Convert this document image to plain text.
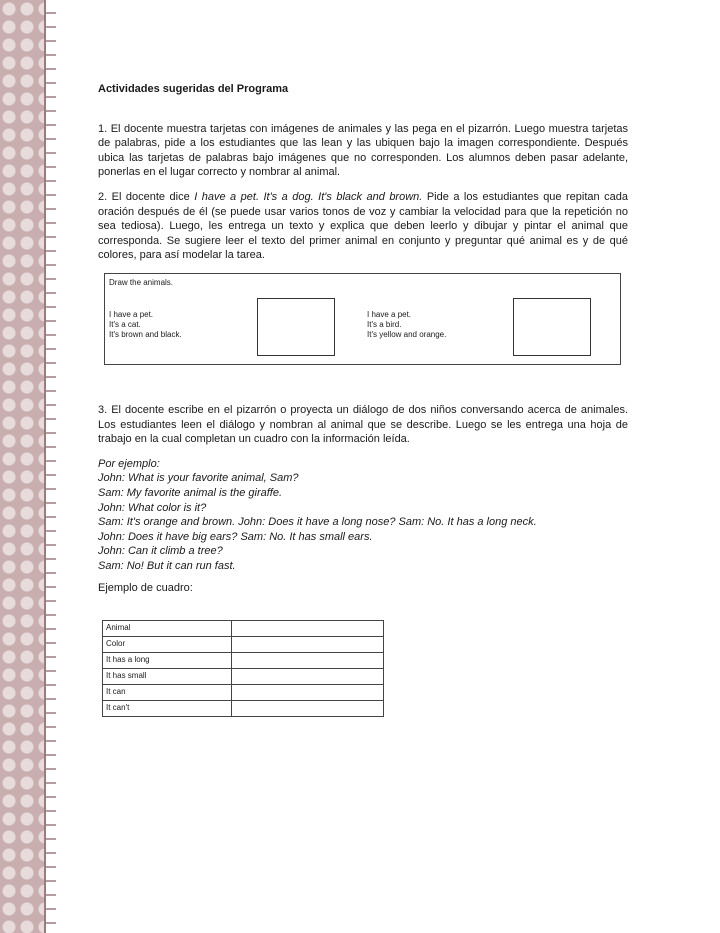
Actividades sugeridas del Programa

1. El docente muestra tarjetas con imágenes de animales y las pega en el pizarrón. Luego muestra tarjetas de palabras, pide a los estudiantes que las lean y las ubiquen bajo la imagen correspondiente. Después ubica las tarjetas de palabras bajo imágenes que no corresponden. Los alumnos deben pasar adelante, ponerlas en el lugar correcto y nombrar al animal.

2. El docente dice I have a pet. It's a dog. It's black and brown. Pide a los estudiantes que repitan cada oración después de él (se puede usar varios tonos de voz y cambiar la velocidad para que la repetición no sea tediosa). Luego, les entrega un texto y explica que deben leerlo y dibujar y pintar el animal que corresponda. Se sugiere leer el texto del primer animal en conjunto y preguntar qué animal es y de qué colores, para así modelar la tarea.

Draw the animals.
I have a pet.
It's a cat.
It's brown and black.
I have a pet.
It's a bird.
It's yellow and orange.

3. El docente escribe en el pizarrón o proyecta un diálogo de dos niños conversando acerca de animales. Los estudiantes leen el diálogo y nombran al animal que se describe. Luego se les entrega una hoja de trabajo en la cual completan un cuadro con la información leída.

Por ejemplo:
John: What is your favorite animal, Sam?
Sam: My favorite animal is the giraffe.
John: What color is it?
Sam: It's orange and brown. John: Does it have a long nose? Sam: No. It has a long neck.
John: Does it have big ears? Sam: No. It has small ears.
John: Can it climb a tree?
Sam: No! But it can run fast.
Ejemplo de cuadro:
Animal	
Color	
It has a long	
It has small	
It can	
It can't	
